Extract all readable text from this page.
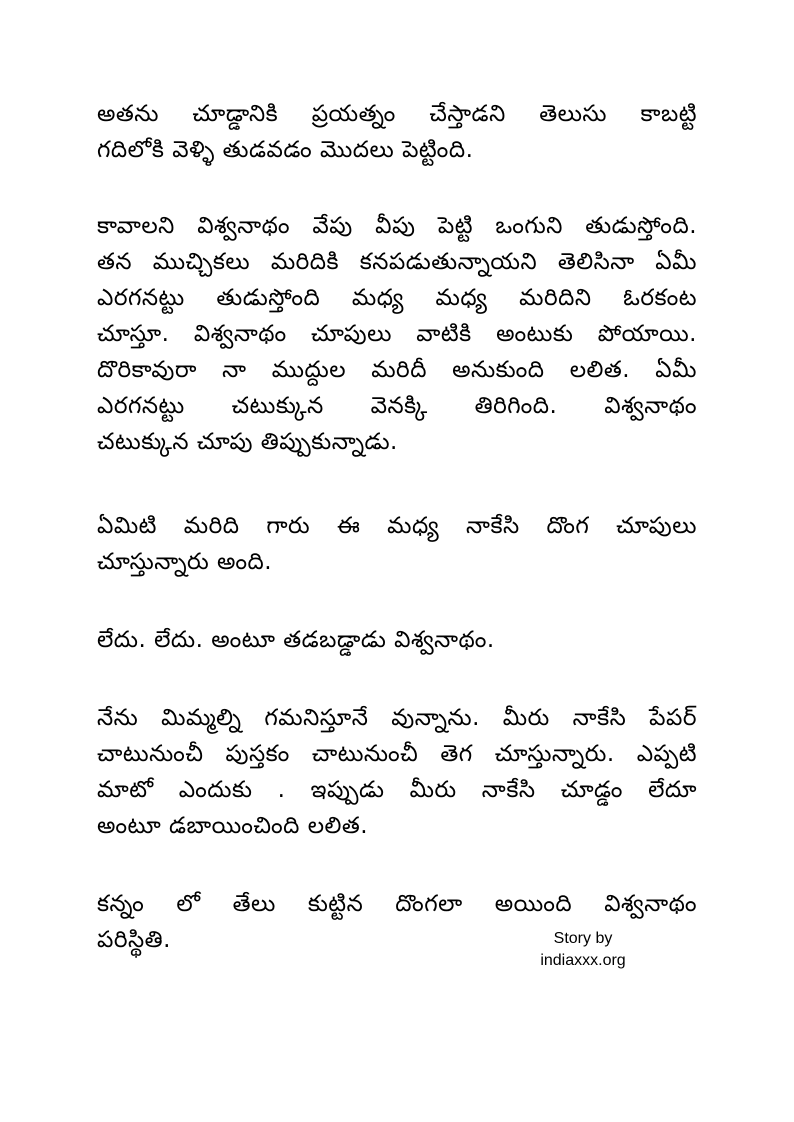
అతను చూడ్డానికి ప్రయత్నం చేస్తాడని తెలుసు కాబట్టి
గదిలోకి వెళ్ళి తుడవడం మొదలు పెట్టింది.
కావాలని విశ్వనాథం వేపు వీపు పెట్టి ఒంగుని తుడుస్తోంది.
తన ముచ్చికలు మరిదికి కనపడుతున్నాయని తెలిసినా ఏమీ
ఎరగనట్టు తుడుస్తోంది మధ్య మధ్య మరిదిని ఓరకంట
చూస్తూ. విశ్వనాథం చూపులు వాటికి అంటుకు పోయాయి.
దొరికావురా నా ముద్దుల మరిదీ అనుకుంది లలిత. ఏమీ
ఎరగనట్టు చటుక్కున వెనక్కి తిరిగింది. విశ్వనాథం
చటుక్కున చూపు తిప్పుకున్నాడు.
ఏమిటి మరిది గారు ఈ మధ్య నాకేసి దొంగ చూపులు
చూస్తున్నారు అంది.
లేదు. లేదు. అంటూ తడబడ్డాడు విశ్వనాథం.
నేను మిమ్మల్ని గమనిస్తూనే వున్నాను. మీరు నాకేసి పేపర్
చాటునుంచీ పుస్తకం చాటునుంచీ తెగ చూస్తున్నారు. ఎప్పటి
మాటో ఎందుకు . ఇప్పుడు మీరు నాకేసి చూడ్డం లేదూ
అంటూ డబాయించింది లలిత.
కన్నం లో తేలు కుట్టిన దొంగలా అయింది విశ్వనాథం
పరిస్థితి.	Story by
indiaxxx.org
